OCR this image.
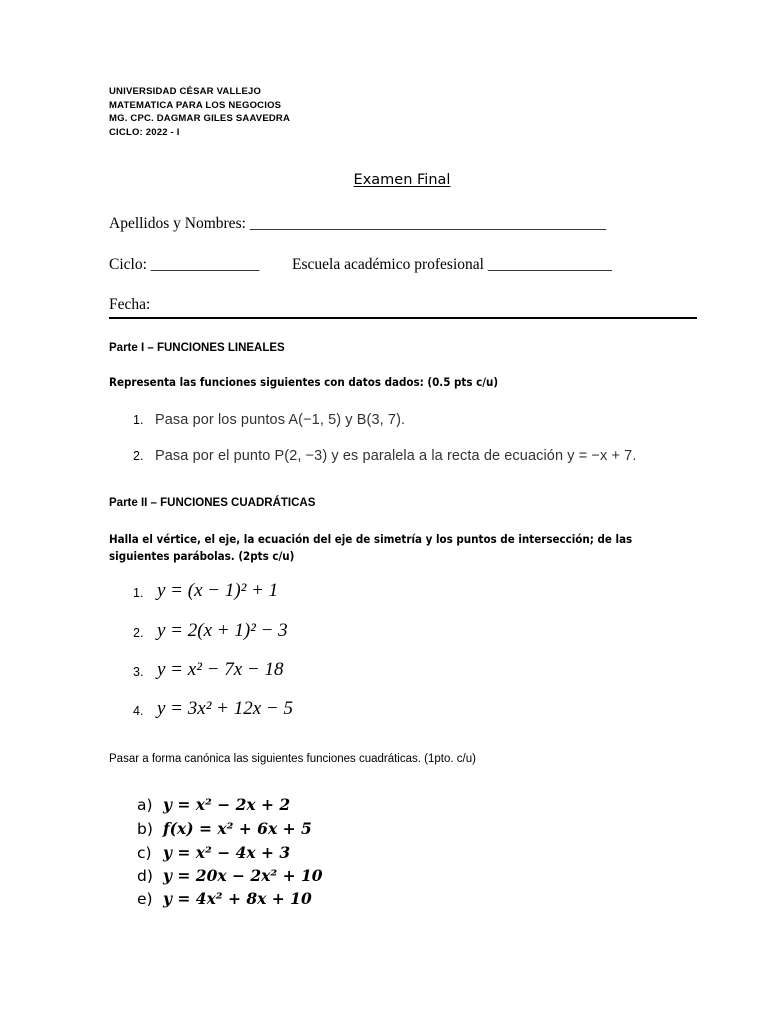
UNIVERSIDAD CÉSAR VALLEJO
MATEMATICA PARA LOS NEGOCIOS
MG. CPC. DAGMAR GILES SAAVEDRA
CICLO: 2022 - I
Examen Final
Apellidos y Nombres: ______________________________________________
Ciclo: ______________ Escuela académico profesional ________________
Fecha:
Parte I – FUNCIONES LINEALES
Representa las funciones siguientes con datos dados: (0.5 pts c/u)
1. Pasa por los puntos A(−1, 5) y B(3, 7).
2. Pasa por el punto P(2, −3) y es paralela a la recta de ecuación y = −x + 7.
Parte II – FUNCIONES CUADRÁTICAS
Halla el vértice, el eje, la ecuación del eje de simetría y los puntos de intersección; de las siguientes parábolas. (2pts c/u)
1. y = (x − 1)² + 1
2. y = 2(x + 1)² − 3
3. y = x² − 7x − 18
4. y = 3x² + 12x − 5
Pasar a forma canónica las siguientes funciones cuadráticas. (1pto. c/u)
a) y = x² − 2x + 2
b) f(x) = x² + 6x + 5
c) y = x² − 4x + 3
d) y = 20x − 2x² + 10
e) y = 4x² + 8x + 10
